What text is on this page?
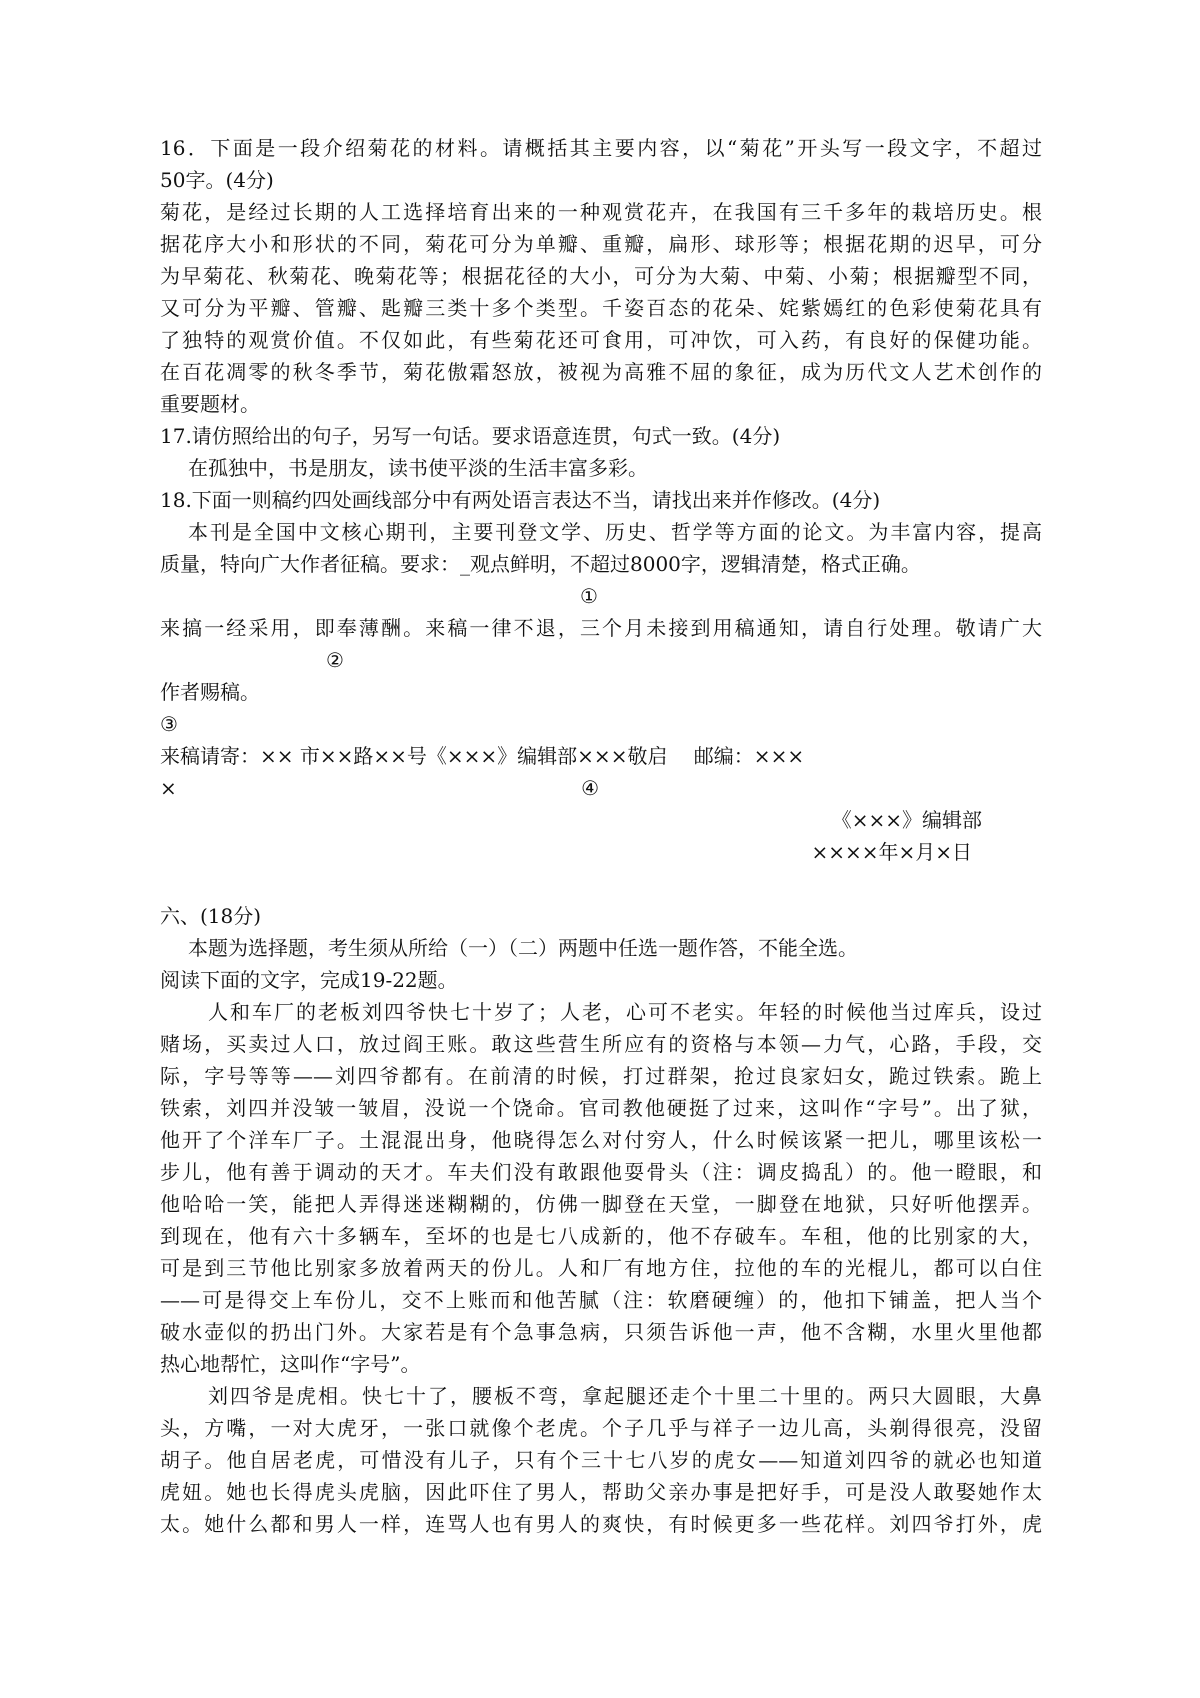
16．下面是一段介绍菊花的材料。请概括其主要内容，以“菊花”开头写一段文字，不超过
50字。(4分)
菊花，是经过长期的人工选择培育出来的一种观赏花卉，在我国有三千多年的栽培历史。根
据花序大小和形状的不同，菊花可分为单瓣、重瓣，扁形、球形等；根据花期的迟早，可分
为早菊花、秋菊花、晚菊花等；根据花径的大小，可分为大菊、中菊、小菊；根据瓣型不同，
又可分为平瓣、管瓣、匙瓣三类十多个类型。千姿百态的花朵、姹紫嫣红的色彩使菊花具有
了独特的观赏价值。不仅如此，有些菊花还可食用，可冲饮，可入药，有良好的保健功能。
在百花凋零的秋冬季节，菊花傲霜怒放，被视为高雅不屈的象征，成为历代文人艺术创作的
重要题材。
17.请仿照给出的句子，另写一句话。要求语意连贯，句式一致。(4分)
在孤独中，书是朋友，读书使平淡的生活丰富多彩。
18.下面一则稿约四处画线部分中有两处语言表达不当，请找出来并作修改。(4分)
本刊是全国中文核心期刊，主要刊登文学、历史、哲学等方面的论文。为丰富内容，提高
质量，特向广大作者征稿。要求：_观点鲜明，不超过8000字，逻辑清楚，格式正确。
①
来搞一经采用，即奉薄酬。来稿一律不退，三个月未接到用稿通知，请自行处理。敬请广大
②
作者赐稿。
③
来稿请寄：×× 市××路××号《×××》编辑部×××敬启　 邮编：×××
×	④
《×××》编辑部
××××年×月×日
六、(18分)
本题为选择题，考生须从所给（一）（二）两题中任选一题作答，不能全选。
阅读下面的文字，完成19-22题。
人和车厂的老板刘四爷快七十岁了；人老，心可不老实。年轻的时候他当过库兵，设过
赌场，买卖过人口，放过阎王账。敢这些营生所应有的资格与本领—力气，心路，手段，交
际，字号等等——刘四爷都有。在前清的时候，打过群架，抢过良家妇女，跪过铁索。跪上
铁索，刘四并没皱一皱眉，没说一个饶命。官司教他硬挺了过来，这叫作“字号”。出了狱，
他开了个洋车厂子。土混混出身，他晓得怎么对付穷人，什么时候该紧一把儿，哪里该松一
步儿，他有善于调动的天才。车夫们没有敢跟他耍骨头（注：调皮捣乱）的。他一瞪眼，和
他哈哈一笑，能把人弄得迷迷糊糊的，仿佛一脚登在天堂，一脚登在地狱，只好听他摆弄。
到现在，他有六十多辆车，至坏的也是七八成新的，他不存破车。车租，他的比别家的大，
可是到三节他比别家多放着两天的份儿。人和厂有地方住，拉他的车的光棍儿，都可以白住
——可是得交上车份儿，交不上账而和他苦腻（注：软磨硬缠）的，他扣下铺盖，把人当个
破水壶似的扔出门外。大家若是有个急事急病，只须告诉他一声，他不含糊，水里火里他都
热心地帮忙，这叫作“字号”。
刘四爷是虎相。快七十了，腰板不弯，拿起腿还走个十里二十里的。两只大圆眼，大鼻
头，方嘴，一对大虎牙，一张口就像个老虎。个子几乎与祥子一边儿高，头剃得很亮，没留
胡子。他自居老虎，可惜没有儿子，只有个三十七八岁的虎女——知道刘四爷的就必也知道
虎妞。她也长得虎头虎脑，因此吓住了男人，帮助父亲办事是把好手，可是没人敢娶她作太
太。她什么都和男人一样，连骂人也有男人的爽快，有时候更多一些花样。刘四爷打外，虎
